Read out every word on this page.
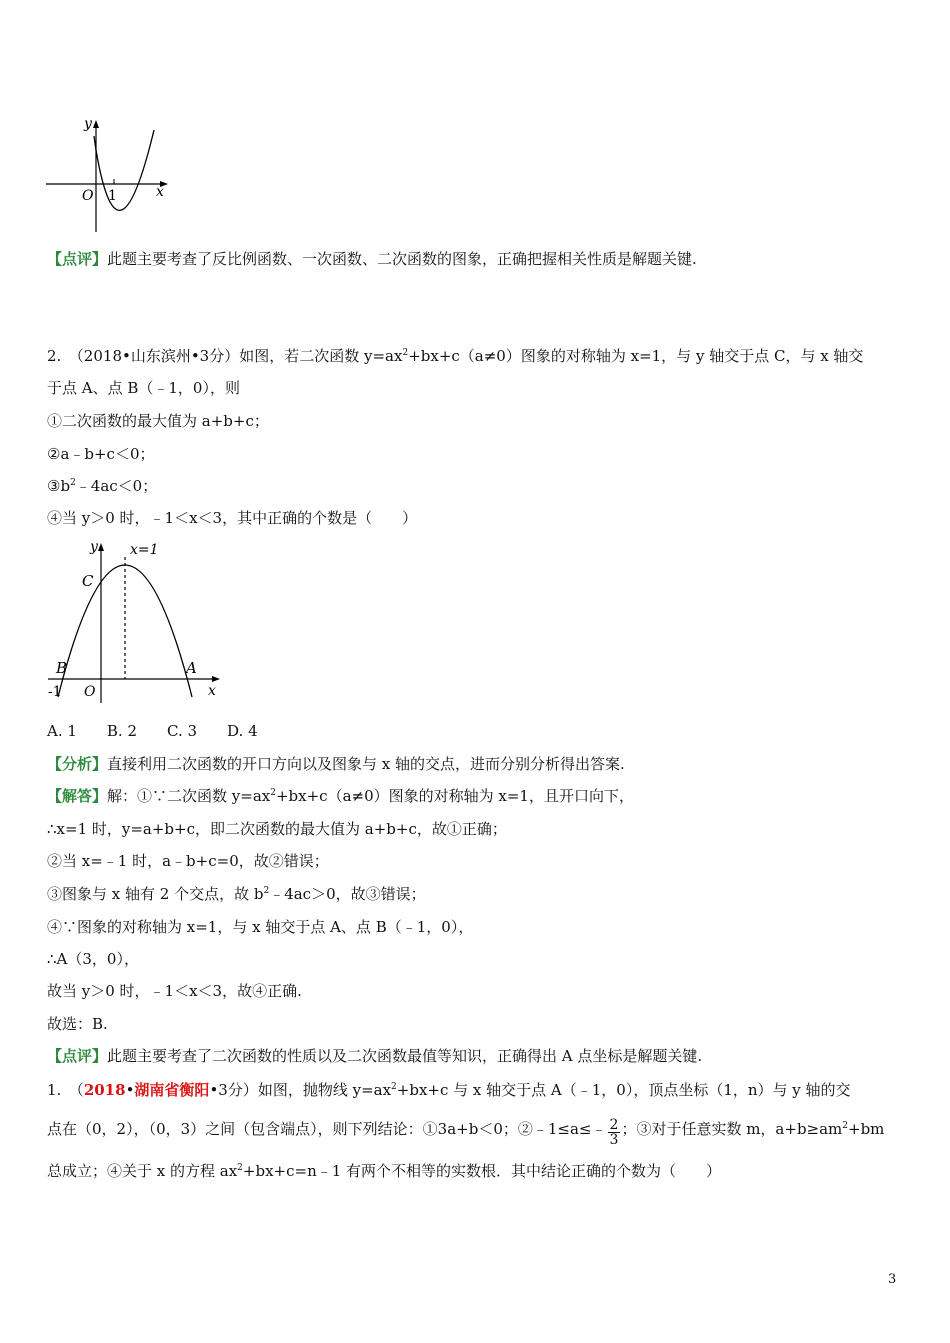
y
O 1	x
【点评】此题主要考查了反比例函数、一次函数、二次函数的图象，正确把握相关性质是解题关键.
2.　（2018•山东滨州•3分）如图，若二次函数 $y=ax^2+bx+c(a\ne 0)$图象的对称轴为 x=1，与 y 轴交于点 C，与 x 轴交
于点 A、点 B（﹣1，0），则
①二次函数的最大值为 a+b+c；
②a﹣b+c＜0；
$③b^2﹣4ac<0$；
④当 y＞0 时，﹣1＜x＜3，其中正确的个数是（　　）
y x=1
C
B	A
-1 O	x
A. 1　　B. 2　　C. 3　　D. 4
【分析】直接利用二次函数的开口方向以及图象与 x 轴的交点，进而分别分析得出答案.
【解答】解：①∵二次函数 $y=ax^2+bx+c(a\ne 0)$图象的对称轴为 x=1，且开口向下，
∴x=1 时，y=a+b+c，即二次函数的最大值为 a+b+c，故①正确；
②当 x=﹣1 时，a﹣b+c=0，故②错误；
③图象与 x 轴有 2 个交点，故 $b^2﹣4ac>0$，故③错误；
④∵图象的对称轴为 x=1，与 x 轴交于点 A、点 B（﹣1，0），
∴A（3，0），
故当 y＞0 时，﹣1＜x＜3，故④正确.
故选：B.
【点评】此题主要考查了二次函数的性质以及二次函数最值等知识，正确得出 A 点坐标是解题关键.
1.　（2018•湖南省衡阳•3分）如图，抛物线 $y=ax^2+bx+c$ 与 x 轴交于点 A（﹣1，0），顶点坐标（1，n）与 y 轴的交
点在（0，2），（0，3）之间（包含端点），则下列结论：①3a+b＜0；②﹣1≤a≤﹣ $\frac{2}{3}$ ；③对于任意实数 m，$a+b\ge am^2+bm$
总成立；④关于 x 的方程 $ax^2+bx+c=n﹣1$ 有两个不相等的实数根．其中结论正确的个数为（　　）
3
